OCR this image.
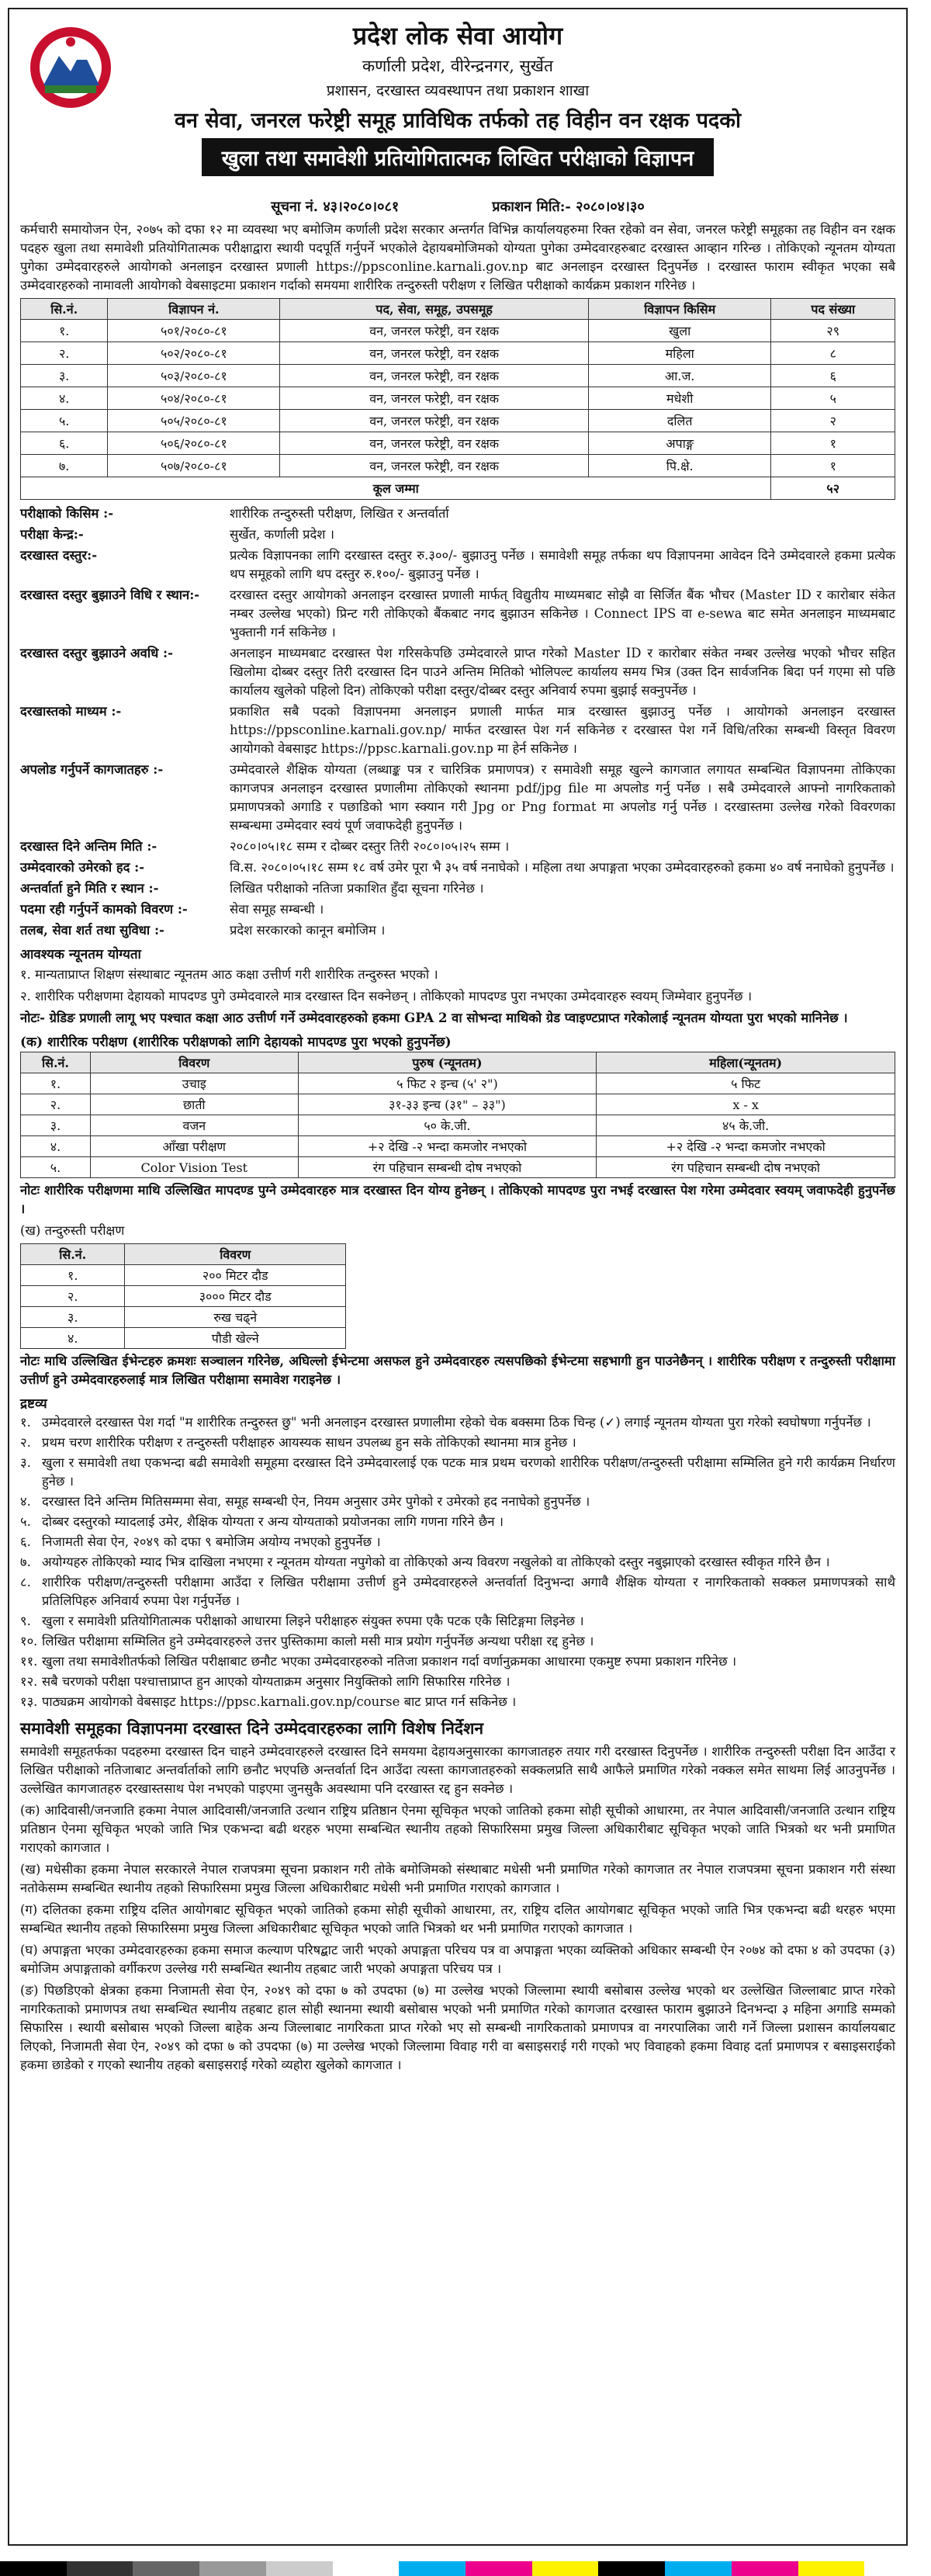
प्रदेश लोक सेवा आयोग
कर्णाली प्रदेश, वीरेन्द्रनगर, सुर्खेत
प्रशासन, दरखास्त व्यवस्थापन तथा प्रकाशन शाखा
वन सेवा, जनरल फरेष्ट्री समूह प्राविधिक तर्फको तह विहीन वन रक्षक पदको
खुला तथा समावेशी प्रतियोगितात्मक लिखित परीक्षाको विज्ञापन
सूचना नं. ४३।२०८०।०८१	प्रकाशन मिति:- २०८०।०४।३०

कर्मचारी समायोजन ऐन, २०७५ को दफा १२ मा व्यवस्था भए बमोजिम कर्णाली प्रदेश सरकार अन्तर्गत विभिन्न कार्यालयहरुमा रिक्त रहेको वन सेवा, जनरल फरेष्ट्री समूहका तह विहीन वन रक्षक पदहरु खुला तथा समावेशी प्रतियोगितात्मक परीक्षाद्वारा स्थायी पदपूर्ति गर्नुपर्ने भएकोले देहायबमोजिमको योग्यता पुगेका उम्मेदवारहरुबाट दरखास्त आव्हान गरिन्छ । तोकिएको न्यूनतम योग्यता पुगेका उम्मेदवारहरुले आयोगको अनलाइन दरखास्त प्रणाली https://ppsconline.karnali.gov.np बाट अनलाइन दरखास्त दिनुपर्नेछ । दरखास्त फाराम स्वीकृत भएका सबै उम्मेदवारहरुको नामावली आयोगको वेबसाइटमा प्रकाशन गर्दाको समयमा शारीरिक तन्दुरुस्ती परीक्षण र लिखित परीक्षाको कार्यक्रम प्रकाशन गरिनेछ ।

सि.नं.	विज्ञापन नं.	पद, सेवा, समूह, उपसमूह	विज्ञापन किसिम	पद संख्या
१.	५०१/२०८०-८१	वन, जनरल फरेष्ट्री, वन रक्षक	खुला	२९
२.	५०२/२०८०-८१	वन, जनरल फरेष्ट्री, वन रक्षक	महिला	८
३.	५०३/२०८०-८१	वन, जनरल फरेष्ट्री, वन रक्षक	आ.ज.	६
४.	५०४/२०८०-८१	वन, जनरल फरेष्ट्री, वन रक्षक	मधेशी	५
५.	५०५/२०८०-८१	वन, जनरल फरेष्ट्री, वन रक्षक	दलित	२
६.	५०६/२०८०-८१	वन, जनरल फरेष्ट्री, वन रक्षक	अपाङ्ग	१
७.	५०७/२०८०-८१	वन, जनरल फरेष्ट्री, वन रक्षक	पि.क्षे.	१
कूल जम्मा				५२
परीक्षाको किसिम :-	शारीरिक तन्दुरुस्ती परीक्षण, लिखित र अन्तर्वार्ता
परीक्षा केन्द्र:-	सुर्खेत, कर्णाली प्रदेश ।
दरखास्त दस्तुर:-	प्रत्येक विज्ञापनका लागि दरखास्त दस्तुर रु.३००/- बुझाउनु पर्नेछ । समावेशी समूह तर्फका थप विज्ञापनमा आवेदन दिने उम्मेदवारले हकमा प्रत्येक थप समूहको लागि थप दस्तुर रु.१००/- बुझाउनु पर्नेछ ।
दरखास्त दस्तुर बुझाउने विधि र स्थान:-	दरखास्त दस्तुर आयोगको अनलाइन दरखास्त प्रणाली मार्फत् विद्युतीय माध्यमबाट सोझै वा सिर्जित बैंक भौचर (Master ID र कारोबार संकेत नम्बर उल्लेख भएको) प्रिन्ट गरी तोकिएको बैंकबाट नगद बुझाउन सकिनेछ । Connect IPS वा e-sewa बाट समेत अनलाइन माध्यमबाट भुक्तानी गर्न सकिनेछ ।
दरखास्त दस्तुर बुझाउने अवधि :-	अनलाइन माध्यमबाट दरखास्त पेश गरिसकेपछि उम्मेदवारले प्राप्त गरेको Master ID र कारोबार संकेत नम्बर उल्लेख भएको भौचर सहित खिलोमा दोब्बर दस्तुर तिरी दरखास्त दिन पाउने अन्तिम मितिको भोलिपल्ट कार्यालय समय भित्र (उक्त दिन सार्वजनिक बिदा पर्न गएमा सो पछि कार्यालय खुलेको पहिलो दिन) तोकिएको परीक्षा दस्तुर/दोब्बर दस्तुर अनिवार्य रुपमा बुझाई सक्नुपर्नेछ ।
दरखास्तको माध्यम :-	प्रकाशित सबै पदको विज्ञापनमा अनलाइन प्रणाली मार्फत मात्र दरखास्त बुझाउनु पर्नेछ । आयोगको अनलाइन दरखास्त https://ppsconline.karnali.gov.np/ मार्फत दरखास्त पेश गर्न सकिनेछ र दरखास्त पेश गर्ने विधि/तरिका सम्बन्धी विस्तृत विवरण आयोगको वेबसाइट https://ppsc.karnali.gov.np मा हेर्न सकिनेछ ।
अपलोड गर्नुपर्ने कागजातहरु :-	उम्मेदवारले शैक्षिक योग्यता (लब्धाङ्क पत्र र चारित्रिक प्रमाणपत्र) र समावेशी समूह खुल्ने कागजात लगायत सम्बन्धित विज्ञापनमा तोकिएका कागजपत्र अनलाइन दरखास्त प्रणालीमा तोकिएको स्थानमा pdf/jpg file मा अपलोड गर्नु पर्नेछ । सबै उम्मेदवारले आफ्नो नागरिकताको प्रमाणपत्रको अगाडि र पछाडिको भाग स्क्यान गरी Jpg or Png format मा अपलोड गर्नु पर्नेछ । दरखास्तमा उल्लेख गरेको विवरणका सम्बन्धमा उम्मेदवार स्वयं पूर्ण जवाफदेही हुनुपर्नेछ ।
दरखास्त दिने अन्तिम मिति :-	२०८०।०५।१८ सम्म र दोब्बर दस्तुर तिरी २०८०।०५।२५ सम्म ।
उम्मेदवारको उमेरको हद :-	वि.स. २०८०।०५।१८ सम्म १८ वर्ष उमेर पूरा भै ३५ वर्ष ननाघेको । महिला तथा अपाङ्गता भएका उम्मेदवारहरुको हकमा ४० वर्ष ननाघेको हुनुपर्नेछ ।
अन्तर्वार्ता हुने मिति र स्थान :-	लिखित परीक्षाको नतिजा प्रकाशित हुँदा सूचना गरिनेछ ।
पदमा रही गर्नुपर्ने कामको विवरण :-	सेवा समूह सम्बन्धी ।
तलब, सेवा शर्त तथा सुविधा :-	प्रदेश सरकारको कानून बमोजिम ।
आवश्यक न्यूनतम योग्यता
१. मान्यताप्राप्त शिक्षण संस्थाबाट न्यूनतम आठ कक्षा उत्तीर्ण गरी शारीरिक तन्दुरुस्त भएको ।
२. शारीरिक परीक्षणमा देहायको मापदण्ड पुगे उम्मेदवारले मात्र दरखास्त दिन सक्नेछन् । तोकिएको मापदण्ड पुरा नभएका उम्मेदवारहरु स्वयम् जिम्मेवार हुनुपर्नेछ ।

नोटः- ग्रेडिङ प्रणाली लागू भए पश्चात कक्षा आठ उत्तीर्ण गर्ने उम्मेदवारहरुको हकमा GPA 2 वा सोभन्दा माथिको ग्रेड प्वाइण्टप्राप्त गरेकोलाई न्यूनतम योग्यता पुरा भएको मानिनेछ ।

(क) शारीरिक परीक्षण (शारीरिक परीक्षणको लागि देहायको मापदण्ड पुरा भएको हुनुपर्नेछ)
सि.नं.	विवरण	पुरुष (न्यूनतम)	महिला(न्यूनतम)
१.	उचाइ	५ फिट २ इन्च (५' २")	५ फिट
२.	छाती	३१-३३ इन्च (३१" – ३३")	x - x
३.	वजन	५० के.जी.	४५ के.जी.
४.	आँखा परीक्षण	+२ देखि -२ भन्दा कमजोर नभएको	+२ देखि -२ भन्दा कमजोर नभएको
५.	Color Vision Test	रंग पहिचान सम्बन्धी दोष नभएको	रंग पहिचान सम्बन्धी दोष नभएको

नोटः शारीरिक परीक्षणमा माथि उल्लिखित मापदण्ड पुग्ने उम्मेदवारहरु मात्र दरखास्त दिन योग्य हुनेछन् । तोकिएको मापदण्ड पुरा नभई दरखास्त पेश गरेमा उम्मेदवार स्वयम् जवाफदेही हुनुपर्नेछ ।

(ख) तन्दुरुस्ती परीक्षण
सि.नं.	विवरण
१.	२०० मिटर दौड
२.	३००० मिटर दौड
३.	रुख चढ्ने
४.	पौडी खेल्ने

नोटः माथि उल्लिखित ईभेन्टहरु क्रमशः सञ्चालन गरिनेछ, अघिल्लो ईभेन्टमा असफल हुने उम्मेदवारहरु त्यसपछिको ईभेन्टमा सहभागी हुन पाउनेछैनन् । शारीरिक परीक्षण र तन्दुरुस्ती परीक्षामा उत्तीर्ण हुने उम्मेदवारहरुलाई मात्र लिखित परीक्षामा समावेश गराइनेछ ।

द्रष्टव्य
१. उम्मेदवारले दरखास्त पेश गर्दा "म शारीरिक तन्दुरुस्त छु" भनी अनलाइन दरखास्त प्रणालीमा रहेको चेक बक्समा ठिक चिन्ह (✓) लगाई न्यूनतम योग्यता पुरा गरेको स्वघोषणा गर्नुपर्नेछ ।
२. प्रथम चरण शारीरिक परीक्षण र तन्दुरुस्ती परीक्षाहरु आयस्यक साधन उपलब्ध हुन सके तोकिएको स्थानमा मात्र हुनेछ ।
३. खुला र समावेशी तथा एकभन्दा बढी समावेशी समूहमा दरखास्त दिने उम्मेदवारलाई एक पटक मात्र प्रथम चरणको शारीरिक परीक्षण/तन्दुरुस्ती परीक्षामा सम्मिलित हुने गरी कार्यक्रम निर्धारण हुनेछ ।
४. दरखास्त दिने अन्तिम मितिसम्ममा सेवा, समूह सम्बन्धी ऐन, नियम अनुसार उमेर पुगेको र उमेरको हद ननाघेको हुनुपर्नेछ ।
५. दोब्बर दस्तुरको म्यादलाई उमेर, शैक्षिक योग्यता र अन्य योग्यताको प्रयोजनका लागि गणना गरिने छैन ।
६. निजामती सेवा ऐन, २०४९ को दफा ९ बमोजिम अयोग्य नभएको हुनुपर्नेछ ।
७. अयोग्यहरु तोकिएको म्याद भित्र दाखिला नभएमा र न्यूनतम योग्यता नपुगेको वा तोकिएको अन्य विवरण नखुलेको वा तोकिएको दस्तुर नबुझाएको दरखास्त स्वीकृत गरिने छैन ।
८. शारीरिक परीक्षण/तन्दुरुस्ती परीक्षामा आउँदा र लिखित परीक्षामा उत्तीर्ण हुने उम्मेदवारहरुले अन्तर्वार्ता दिनुभन्दा अगावै शैक्षिक योग्यता र नागरिकताको सक्कल प्रमाणपत्रको साथै प्रतिलिपिहरु अनिवार्य रुपमा पेश गर्नुपर्नेछ ।
९. खुला र समावेशी प्रतियोगितात्मक परीक्षाको आधारमा लिइने परीक्षाहरु संयुक्त रुपमा एकै पटक एकै सिटिङ्गमा लिइनेछ ।
१०. लिखित परीक्षामा सम्मिलित हुने उम्मेदवारहरुले उत्तर पुस्तिकामा कालो मसी मात्र प्रयोग गर्नुपर्नेछ अन्यथा परीक्षा रद्द हुनेछ ।
११. खुला तथा समावेशीतर्फको लिखित परीक्षाबाट छनौट भएका उम्मेदवारहरुको नतिजा प्रकाशन गर्दा वर्णानुक्रमका आधारमा एकमुष्ट रुपमा प्रकाशन गरिनेछ ।
१२. सबै चरणको परीक्षा पश्चात्ताप्राप्त हुन आएको योग्यताक्रम अनुसार नियुक्तिको लागि सिफारिस गरिनेछ ।
१३. पाठ्यक्रम आयोगको वेबसाइट https://ppsc.karnali.gov.np/course बाट प्राप्त गर्न सकिनेछ ।
समावेशी समूहका विज्ञापनमा दरखास्त दिने उम्मेदवारहरुका लागि विशेष निर्देशन

समावेशी समूहतर्फका पदहरुमा दरखास्त दिन चाहने उम्मेदवारहरुले दरखास्त दिने समयमा देहायअनुसारका कागजातहरु तयार गरी दरखास्त दिनुपर्नेछ । शारीरिक तन्दुरुस्ती परीक्षा दिन आउँदा र लिखित परीक्षाको नतिजाबाट अन्तर्वार्ताको लागि छनौट भएपछि अन्तर्वार्ता दिन आउँदा त्यस्ता कागजातहरुको सक्कलप्रति साथै आफैले प्रमाणित गरेको नक्कल समेत साथमा लिई आउनुपर्नेछ । उल्लेखित कागजातहरु दरखास्तसाथ पेश नभएको पाइएमा जुनसुकै अवस्थामा पनि दरखास्त रद्द हुन सक्नेछ ।

(क) आदिवासी/जनजाति हकमा नेपाल आदिवासी/जनजाति उत्थान राष्ट्रिय प्रतिष्ठान ऐनमा सूचिकृत भएको जातिको हकमा सोही सूचीको आधारमा, तर नेपाल आदिवासी/जनजाति उत्थान राष्ट्रिय प्रतिष्ठान ऐनमा सूचिकृत भएको जाति भित्र एकभन्दा बढी थरहरु भएमा सम्बन्धित स्थानीय तहको सिफारिसमा प्रमुख जिल्ला अधिकारीबाट सूचिकृत भएको जाति भित्रको थर भनी प्रमाणित गराएको कागजात ।
(ख) मधेसीका हकमा नेपाल सरकारले नेपाल राजपत्रमा सूचना प्रकाशन गरी तोके बमोजिमको संस्थाबाट मधेसी भनी प्रमाणित गरेको कागजात तर नेपाल राजपत्रमा सूचना प्रकाशन गरी संस्था नतोकेसम्म सम्बन्धित स्थानीय तहको सिफारिसमा प्रमुख जिल्ला अधिकारीबाट मधेसी भनी प्रमाणित गराएको कागजात ।
(ग) दलितका हकमा राष्ट्रिय दलित आयोगबाट सूचिकृत भएको जातिको हकमा सोही सूचीको आधारमा, तर, राष्ट्रिय दलित आयोगबाट सूचिकृत भएको जाति भित्र एकभन्दा बढी थरहरु भएमा सम्बन्धित स्थानीय तहको सिफारिसमा प्रमुख जिल्ला अधिकारीबाट सूचिकृत भएको जाति भित्रको थर भनी प्रमाणित गराएको कागजात ।
(घ) अपाङ्गता भएका उम्मेदवारहरुका हकमा समाज कल्याण परिषद्बाट जारी भएको अपाङ्गता परिचय पत्र वा अपाङ्गता भएका व्यक्तिको अधिकार सम्बन्धी ऐन २०७४ को दफा ४ को उपदफा (३) बमोजिम अपाङ्गताको वर्गीकरण उल्लेख गरी सम्बन्धित स्थानीय तहबाट जारी भएको अपाङ्गता परिचय पत्र ।
(ङ) पिछडिएको क्षेत्रका हकमा निजामती सेवा ऐन, २०४९ को दफा ७ को उपदफा (७) मा उल्लेख भएको जिल्लामा स्थायी बसोबास उल्लेख भएको थर उल्लेखित जिल्लाबाट प्राप्त गरेको नागरिकताको प्रमाणपत्र तथा सम्बन्धित स्थानीय तहबाट हाल सोही स्थानमा स्थायी बसोबास भएको भनी प्रमाणित गरेको कागजात दरखास्त फाराम बुझाउने दिनभन्दा ३ महिना अगाडि सम्मको सिफारिस । स्थायी बसोबास भएको जिल्ला बाहेक अन्य जिल्लाबाट नागरिकता प्राप्त गरेको भए सो सम्बन्धी नागरिकताको प्रमाणपत्र वा नगरपालिका जारी गर्ने जिल्ला प्रशासन कार्यालयबाट लिएको, निजामती सेवा ऐन, २०४९ को दफा ७ को उपदफा (७) मा उल्लेख भएको जिल्लामा विवाह गरी वा बसाइसराई गरी गएको भए विवाहको हकमा विवाह दर्ता प्रमाणपत्र र बसाइसराईको हकमा छाडेको र गएको स्थानीय तहको बसाइसराई गरेको व्यहोरा खुलेको कागजात ।
